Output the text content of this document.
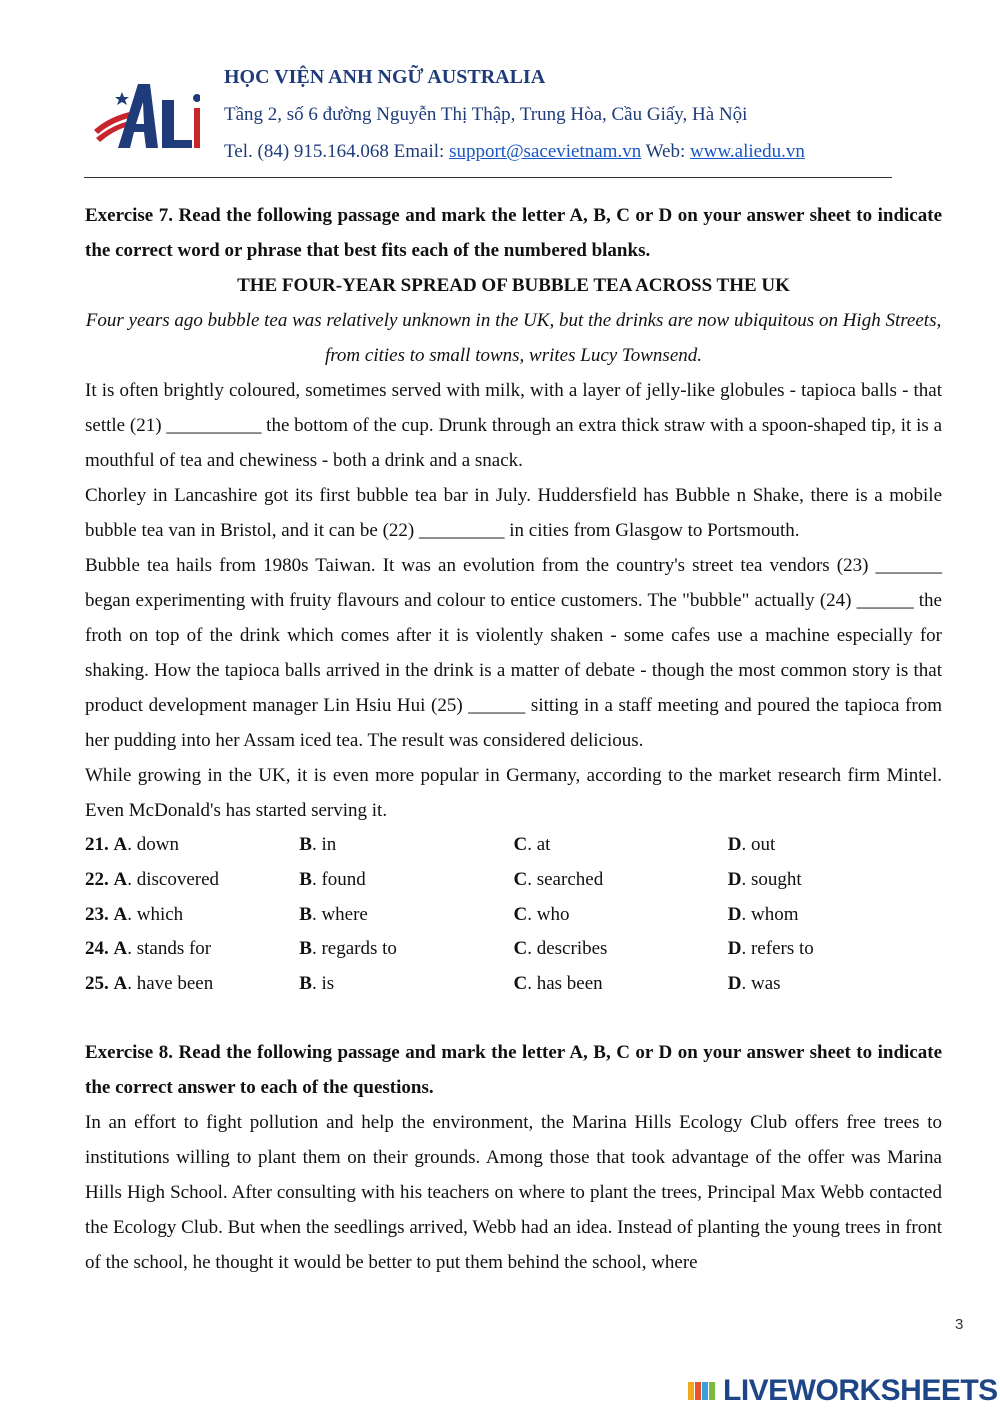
HỌC VIỆN ANH NGỮ AUSTRALIA
Tầng 2, số 6 đường Nguyễn Thị Thập, Trung Hòa, Cầu Giấy, Hà Nội
Tel. (84) 915.164.068 Email: support@sacevietnam.vn Web: www.aliedu.vn

Exercise 7. Read the following passage and mark the letter A, B, C or D on your answer sheet to indicate the correct word or phrase that best fits each of the numbered blanks.

THE FOUR-YEAR SPREAD OF BUBBLE TEA ACROSS THE UK

Four years ago bubble tea was relatively unknown in the UK, but the drinks are now ubiquitous on High Streets, from cities to small towns, writes Lucy Townsend.

It is often brightly coloured, sometimes served with milk, with a layer of jelly-like globules - tapioca balls - that settle (21) __________ the bottom of the cup. Drunk through an extra thick straw with a spoon-shaped tip, it is a mouthful of tea and chewiness - both a drink and a snack.

Chorley in Lancashire got its first bubble tea bar in July. Huddersfield has Bubble n Shake, there is a mobile bubble tea van in Bristol, and it can be (22) _________ in cities from Glasgow to Portsmouth.

Bubble tea hails from 1980s Taiwan. It was an evolution from the country's street tea vendors (23) _______ began experimenting with fruity flavours and colour to entice customers. The "bubble" actually (24) ______ the froth on top of the drink which comes after it is violently shaken - some cafes use a machine especially for shaking. How the tapioca balls arrived in the drink is a matter of debate - though the most common story is that product development manager Lin Hsiu Hui (25) ______ sitting in a staff meeting and poured the tapioca from her pudding into her Assam iced tea. The result was considered delicious.

While growing in the UK, it is even more popular in Germany, according to the market research firm Mintel. Even McDonald's has started serving it.

21. A. down	B. in	C. at	D. out
22. A. discovered	B. found	C. searched	D. sought
23. A. which	B. where	C. who	D. whom
24. A. stands for	B. regards to	C. describes	D. refers to
25. A. have been	B. is	C. has been	D. was

Exercise 8. Read the following passage and mark the letter A, B, C or D on your answer sheet to indicate the correct answer to each of the questions.

In an effort to fight pollution and help the environment, the Marina Hills Ecology Club offers free trees to institutions willing to plant them on their grounds. Among those that took advantage of the offer was Marina Hills High School. After consulting with his teachers on where to plant the trees, Principal Max Webb contacted the Ecology Club. But when the seedlings arrived, Webb had an idea. Instead of planting the young trees in front of the school, he thought it would be better to put them behind the school, where

3
LIVEWORKSHEETS
